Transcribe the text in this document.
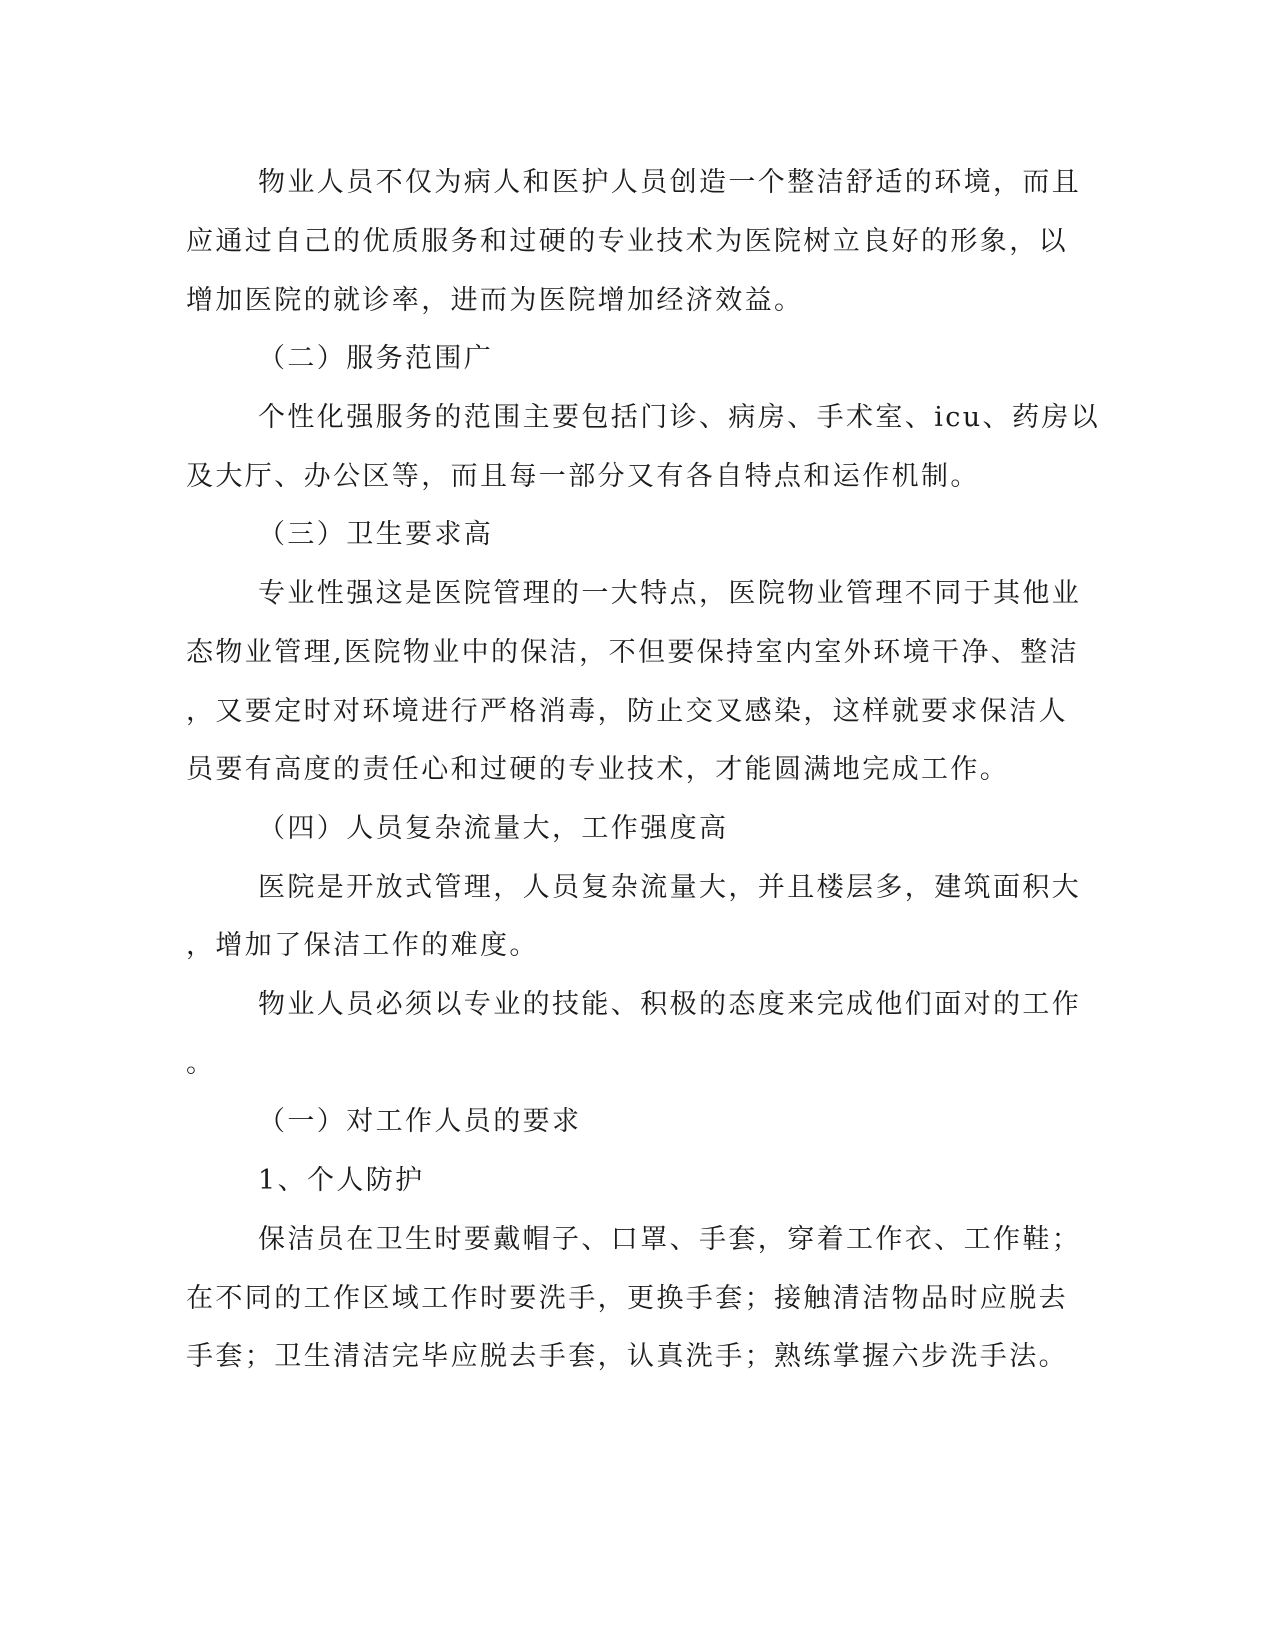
物业人员不仅为病人和医护人员创造一个整洁舒适的环境，而且
应通过自己的优质服务和过硬的专业技术为医院树立良好的形象，以
增加医院的就诊率，进而为医院增加经济效益。
（二）服务范围广
个性化强服务的范围主要包括门诊、病房、手术室、icu、药房以
及大厅、办公区等，而且每一部分又有各自特点和运作机制。
（三）卫生要求高
专业性强这是医院管理的一大特点，医院物业管理不同于其他业
态物业管理,医院物业中的保洁，不但要保持室内室外环境干净、整洁
，又要定时对环境进行严格消毒，防止交叉感染，这样就要求保洁人
员要有高度的责任心和过硬的专业技术，才能圆满地完成工作。
（四）人员复杂流量大，工作强度高
医院是开放式管理，人员复杂流量大，并且楼层多，建筑面积大
，增加了保洁工作的难度。
物业人员必须以专业的技能、积极的态度来完成他们面对的工作
。
（一）对工作人员的要求
1、个人防护
保洁员在卫生时要戴帽子、口罩、手套，穿着工作衣、工作鞋；
在不同的工作区域工作时要洗手，更换手套；接触清洁物品时应脱去
手套；卫生清洁完毕应脱去手套，认真洗手；熟练掌握六步洗手法。
